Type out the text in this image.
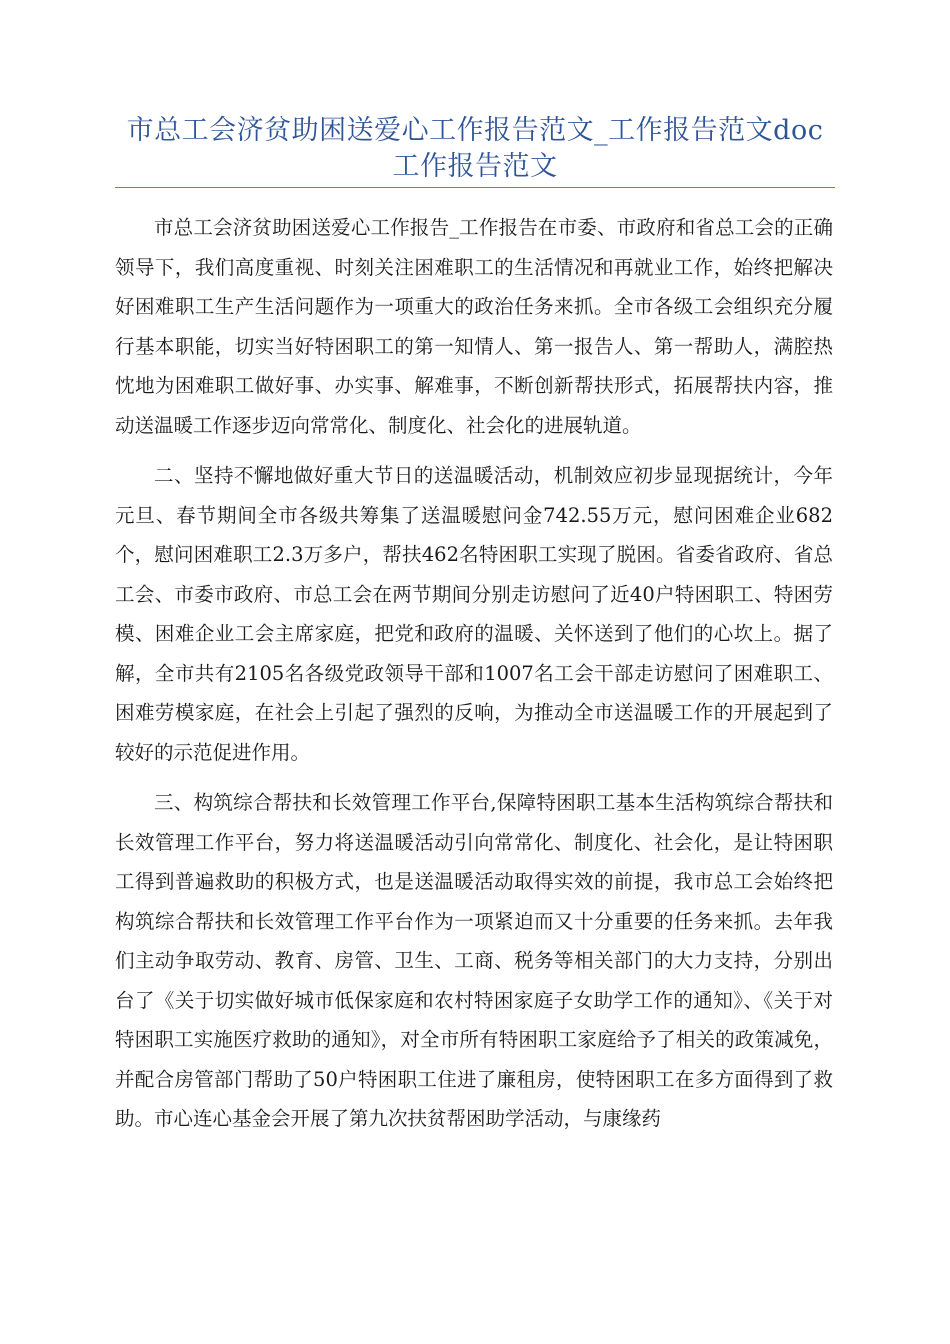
市总工会济贫助困送爱心工作报告范文_工作报告范文doc工作报告范文

市总工会济贫助困送爱心工作报告_工作报告在市委、市政府和省总工会的正确领导下，我们高度重视、时刻关注困难职工的生活情况和再就业工作，始终把解决好困难职工生产生活问题作为一项重大的政治任务来抓。全市各级工会组织充分履行基本职能，切实当好特困职工的第一知情人、第一报告人、第一帮助人，满腔热忱地为困难职工做好事、办实事、解难事，不断创新帮扶形式，拓展帮扶内容，推动送温暖工作逐步迈向常常化、制度化、社会化的进展轨道。

二、坚持不懈地做好重大节日的送温暖活动，机制效应初步显现据统计，今年元旦、春节期间全市各级共筹集了送温暖慰问金742.55万元，慰问困难企业682个，慰问困难职工2.3万多户，帮扶462名特困职工实现了脱困。省委省政府、省总工会、市委市政府、市总工会在两节期间分别走访慰问了近40户特困职工、特困劳模、困难企业工会主席家庭，把党和政府的温暖、关怀送到了他们的心坎上。据了解，全市共有2105名各级党政领导干部和1007名工会干部走访慰问了困难职工、困难劳模家庭，在社会上引起了强烈的反响，为推动全市送温暖工作的开展起到了较好的示范促进作用。

三、构筑综合帮扶和长效管理工作平台,保障特困职工基本生活构筑综合帮扶和长效管理工作平台，努力将送温暖活动引向常常化、制度化、社会化，是让特困职工得到普遍救助的积极方式，也是送温暖活动取得实效的前提，我市总工会始终把构筑综合帮扶和长效管理工作平台作为一项紧迫而又十分重要的任务来抓。去年我们主动争取劳动、教育、房管、卫生、工商、税务等相关部门的大力支持，分别出台了《关于切实做好城市低保家庭和农村特困家庭子女助学工作的通知》、《关于对特困职工实施医疗救助的通知》，对全市所有特困职工家庭给予了相关的政策减免，并配合房管部门帮助了50户特困职工住进了廉租房，使特困职工在多方面得到了救助。市心连心基金会开展了第九次扶贫帮困助学活动，与康缘药
